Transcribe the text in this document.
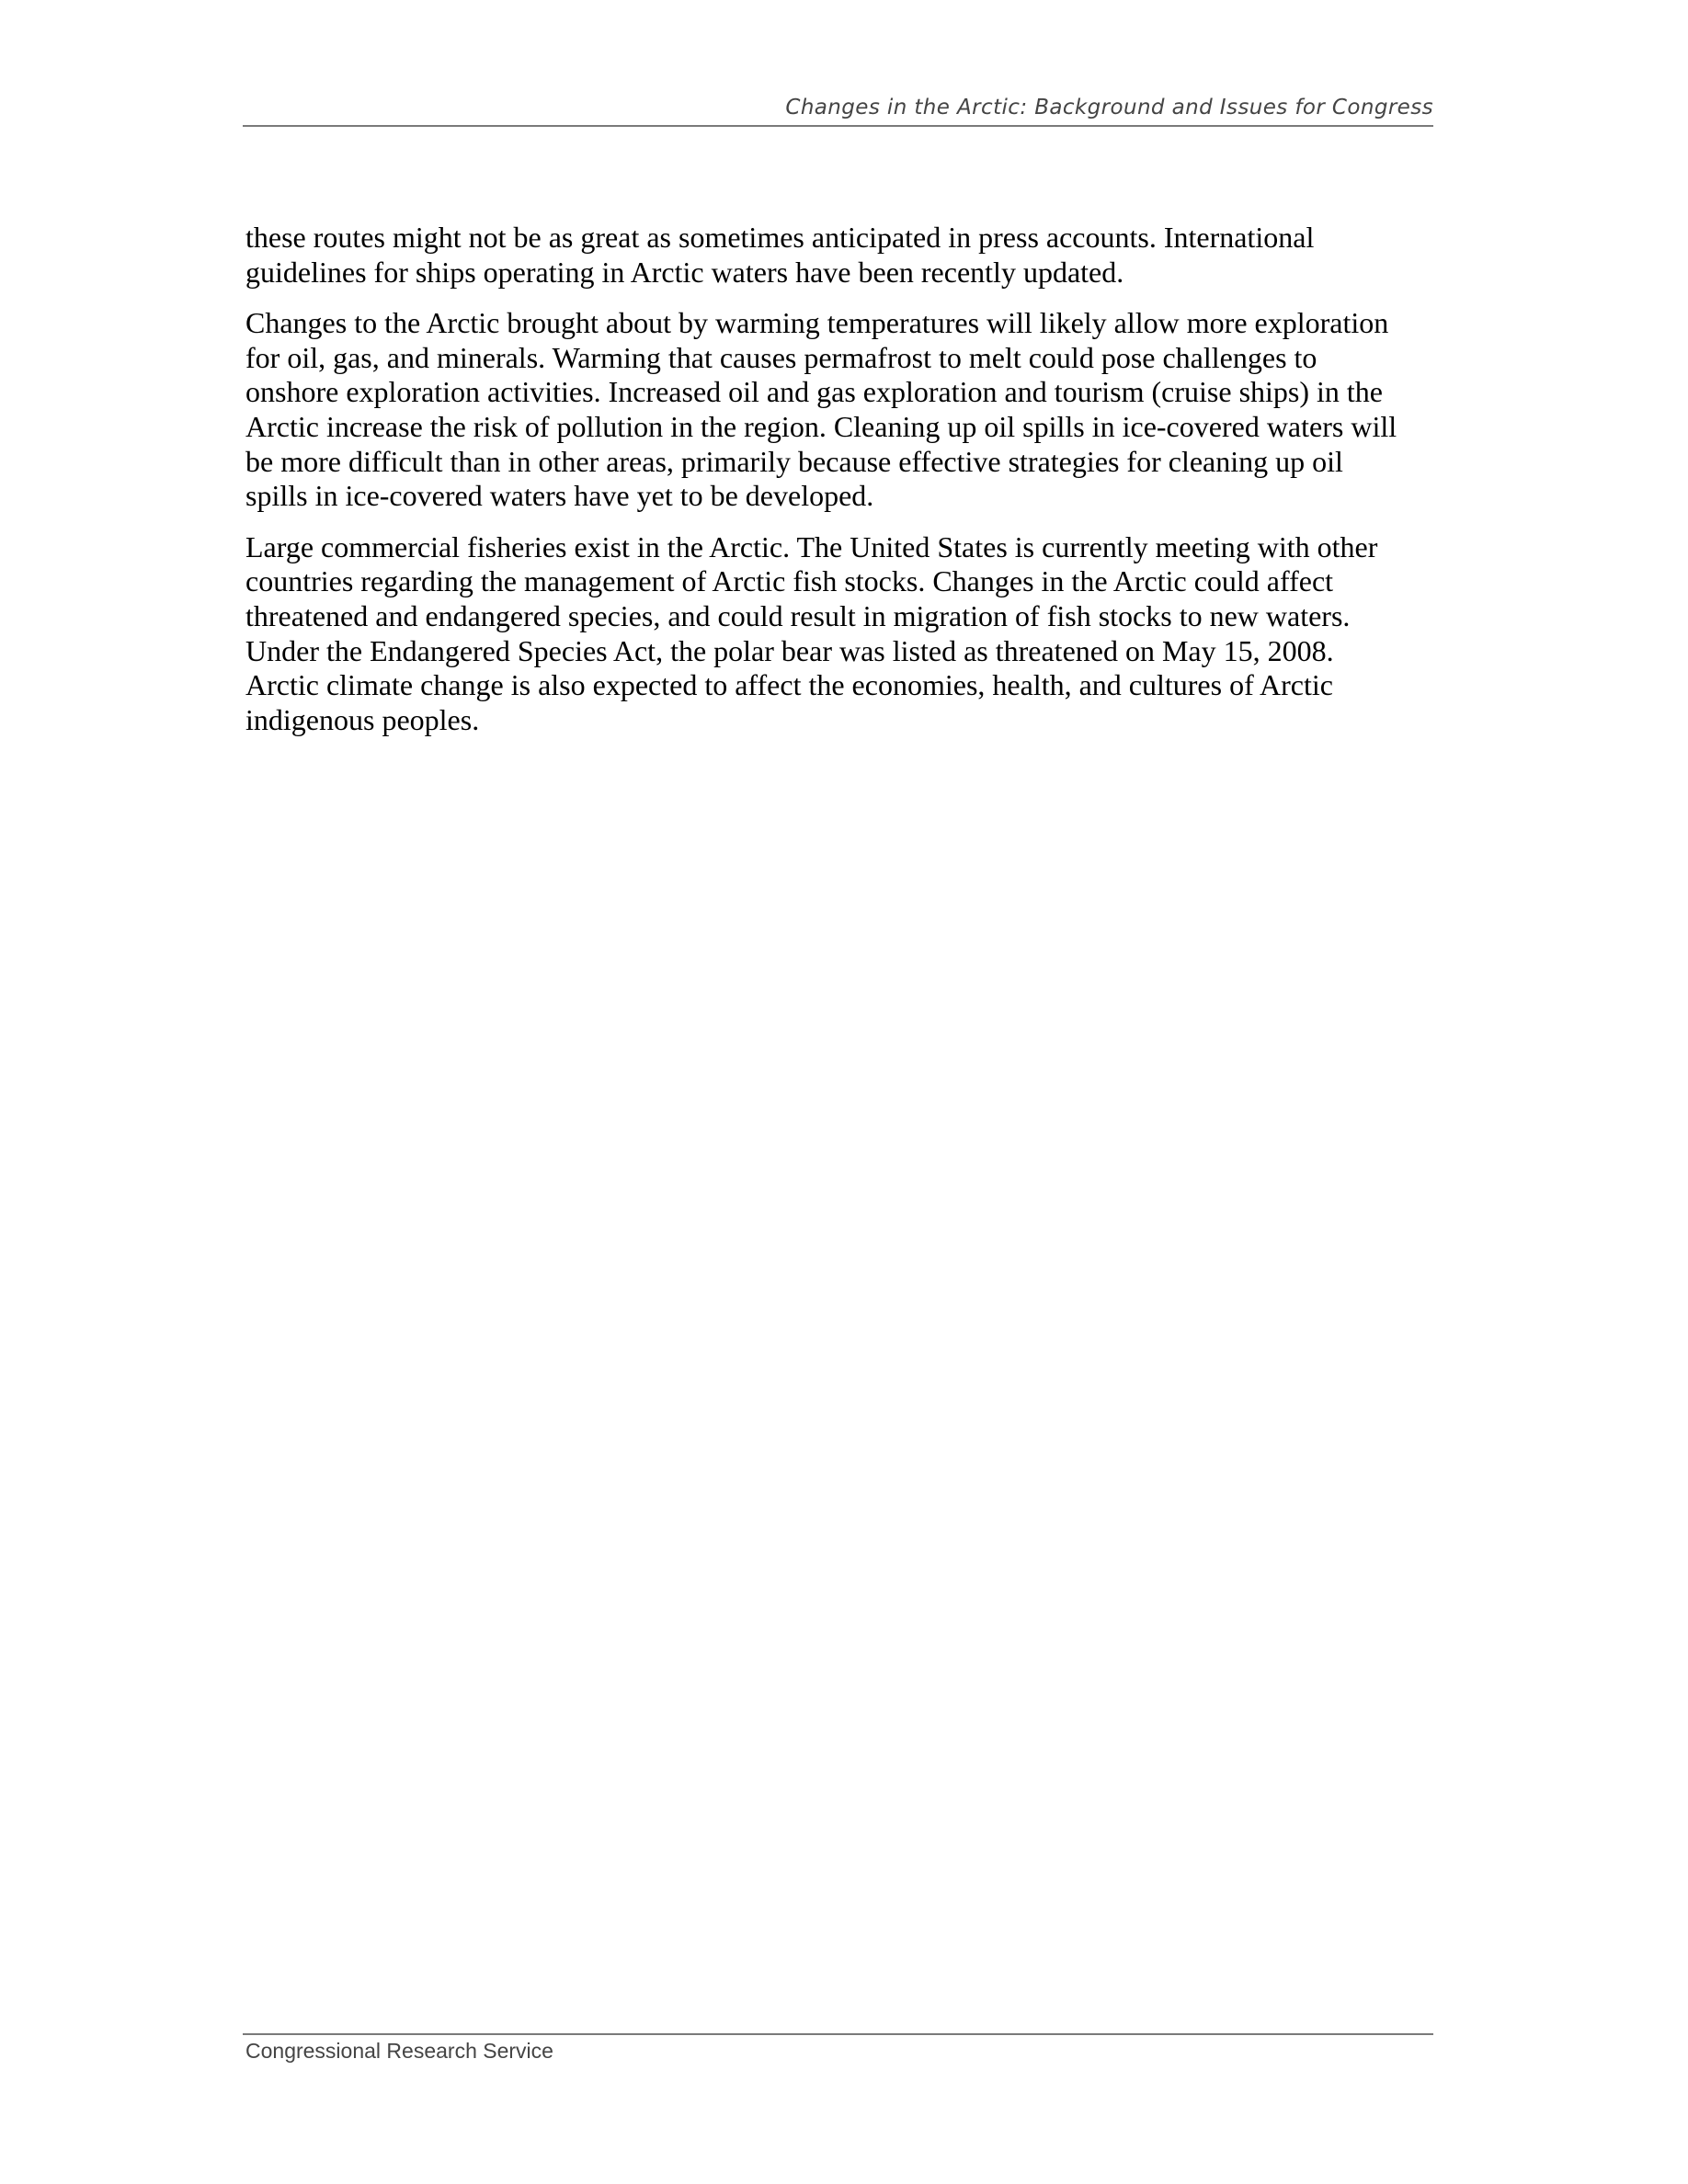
Changes in the Arctic: Background and Issues for Congress

these routes might not be as great as sometimes anticipated in press accounts. International
guidelines for ships operating in Arctic waters have been recently updated.

Changes to the Arctic brought about by warming temperatures will likely allow more exploration
for oil, gas, and minerals. Warming that causes permafrost to melt could pose challenges to
onshore exploration activities. Increased oil and gas exploration and tourism (cruise ships) in the
Arctic increase the risk of pollution in the region. Cleaning up oil spills in ice-covered waters will
be more difficult than in other areas, primarily because effective strategies for cleaning up oil
spills in ice-covered waters have yet to be developed.

Large commercial fisheries exist in the Arctic. The United States is currently meeting with other
countries regarding the management of Arctic fish stocks. Changes in the Arctic could affect
threatened and endangered species, and could result in migration of fish stocks to new waters.
Under the Endangered Species Act, the polar bear was listed as threatened on May 15, 2008.
Arctic climate change is also expected to affect the economies, health, and cultures of Arctic
indigenous peoples.

Congressional Research Service
